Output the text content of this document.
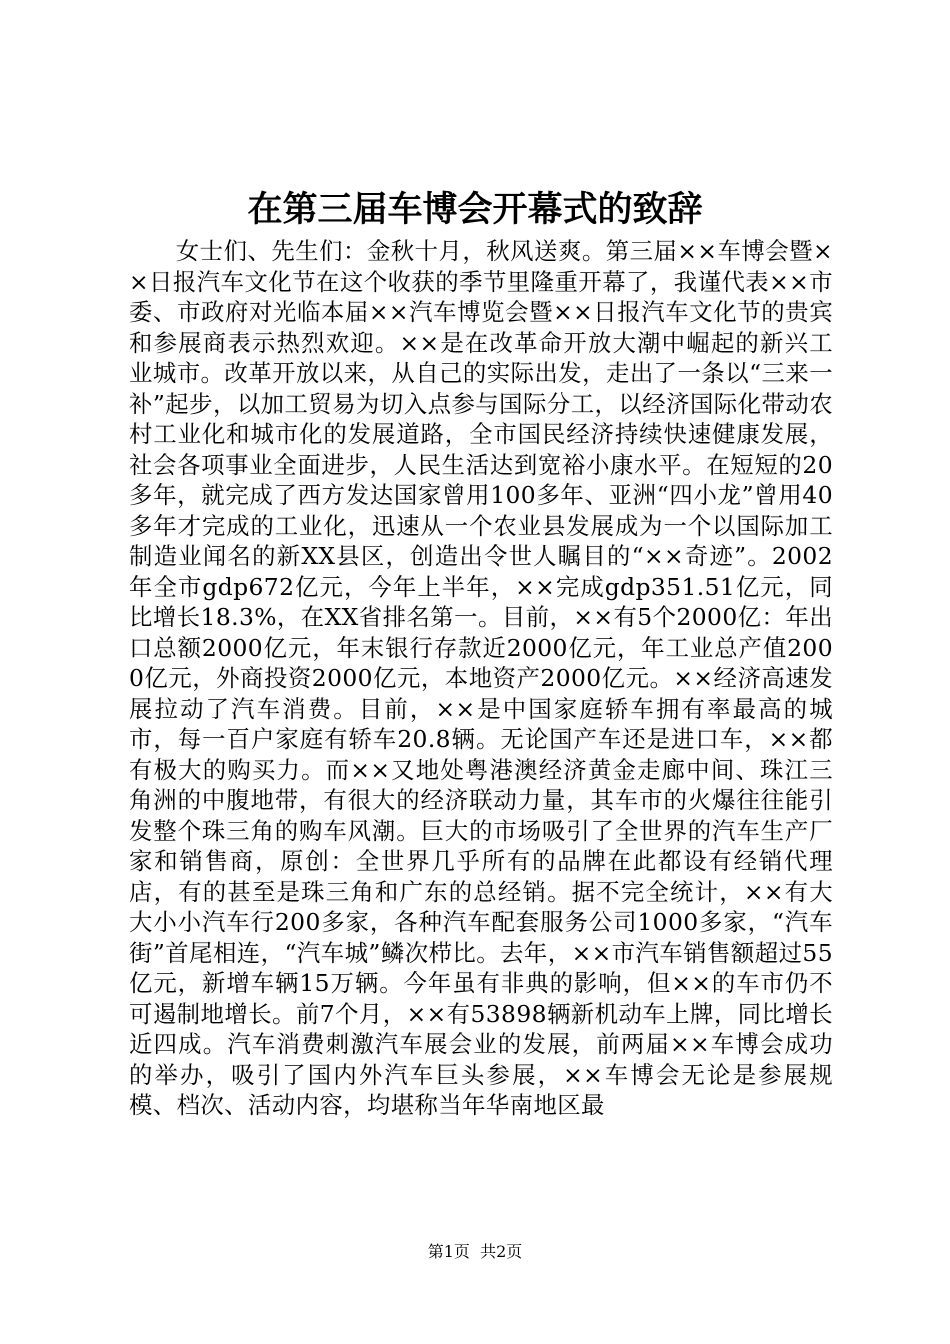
在第三届车博会开幕式的致辞

女士们、先生们：金秋十月，秋风送爽。第三届××车博会暨××日报汽车文化节在这个收获的季节里隆重开幕了，我谨代表××市委、市政府对光临本届××汽车博览会暨××日报汽车文化节的贵宾和参展商表示热烈欢迎。××是在改革命开放大潮中崛起的新兴工业城市。改革开放以来，从自己的实际出发，走出了一条以“三来一补”起步，以加工贸易为切入点参与国际分工，以经济国际化带动农村工业化和城市化的发展道路，全市国民经济持续快速健康发展，社会各项事业全面进步，人民生活达到宽裕小康水平。在短短的20多年，就完成了西方发达国家曾用100多年、亚洲“四小龙”曾用40多年才完成的工业化，迅速从一个农业县发展成为一个以国际加工制造业闻名的新XX县区，创造出令世人瞩目的“××奇迹”。2002年全市gdp672亿元，今年上半年，××完成gdp351.51亿元，同比增长18.3%，在XX省排名第一。目前，××有5个2000亿：年出口总额2000亿元，年末银行存款近2000亿元，年工业总产值2000亿元，外商投资2000亿元，本地资产2000亿元。××经济高速发展拉动了汽车消费。目前，××是中国家庭轿车拥有率最高的城市，每一百户家庭有轿车20.8辆。无论国产车还是进口车，××都有极大的购买力。而××又地处粤港澳经济黄金走廊中间、珠江三角洲的中腹地带，有很大的经济联动力量，其车市的火爆往往能引发整个珠三角的购车风潮。巨大的市场吸引了全世界的汽车生产厂家和销售商，原创：全世界几乎所有的品牌在此都设有经销代理店，有的甚至是珠三角和广东的总经销。据不完全统计，××有大大小小汽车行200多家，各种汽车配套服务公司1000多家，“汽车街”首尾相连，“汽车城”鳞次栉比。去年，××市汽车销售额超过55亿元，新增车辆15万辆。今年虽有非典的影响，但××的车市仍不可遏制地增长。前7个月，××有53898辆新机动车上牌，同比增长近四成。汽车消费刺激汽车展会业的发展，前两届××车博会成功的举办，吸引了国内外汽车巨头参展，××车博会无论是参展规模、档次、活动内容，均堪称当年华南地区最

第1页 共2页
